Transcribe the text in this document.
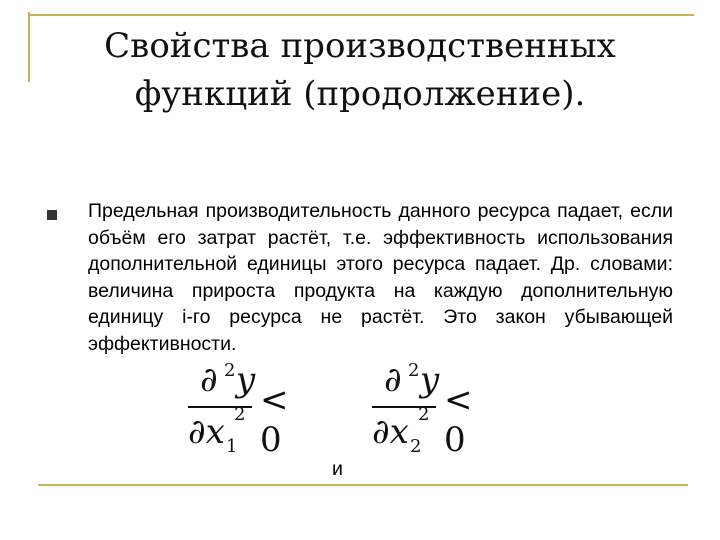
Свойства производственных
функций (продолжение).
Предельная производительность данного ресурса падает, если объём его затрат растёт, т.е. эффективность использования дополнительной единицы этого ресурса падает. Др. словами: величина прироста продукта на каждую дополнительную единицу i-го ресурса не растёт. Это закон убывающей эффективности.
∂ 2 y
∂x 1
2 < 0
∂ 2 y
∂x 2
2 < 0
и
